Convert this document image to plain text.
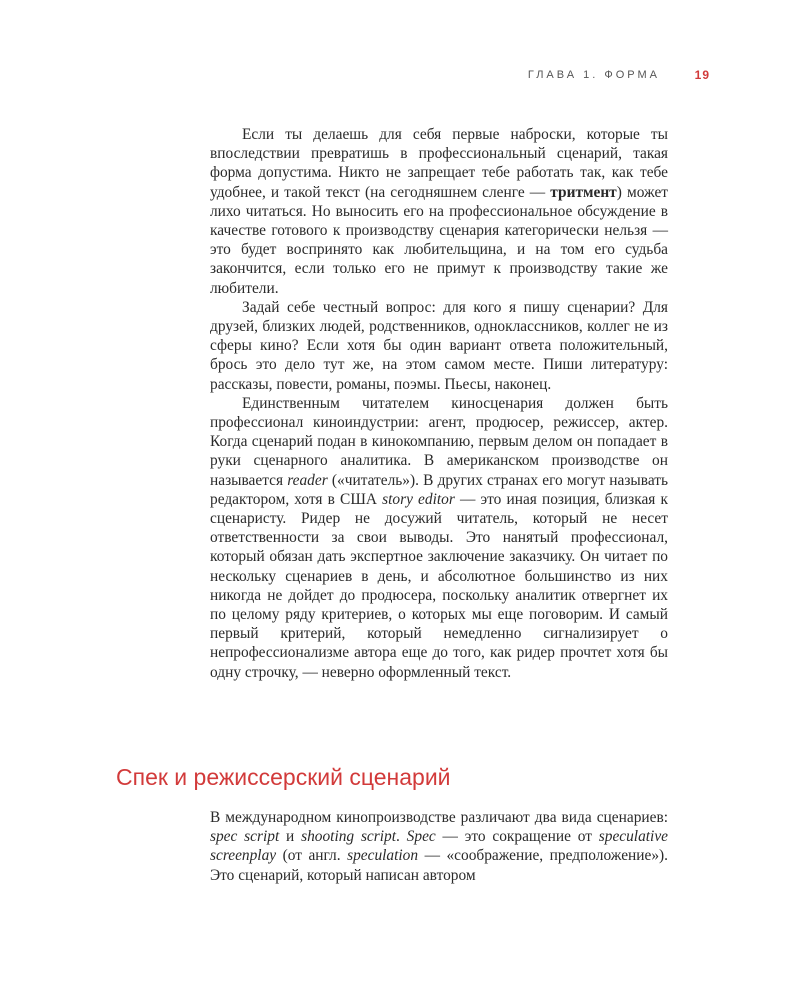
ГЛАВА 1. ФОРМА	19

Если ты делаешь для себя первые наброски, которые ты впоследствии превратишь в профессиональный сценарий, такая форма допустима. Никто не запрещает тебе работать так, как тебе удобнее, и такой текст (на сегодняшнем сленге — тритмент) может лихо читаться. Но выносить его на профессиональное обсуждение в качестве готового к производству сценария категорически нельзя — это будет воспринято как любительщина, и на том его судьба закончится, если только его не примут к производству такие же любители.

Задай себе честный вопрос: для кого я пишу сценарии? Для друзей, близких людей, родственников, одноклассников, коллег не из сферы кино? Если хотя бы один вариант ответа положительный, брось это дело тут же, на этом самом месте. Пиши литературу: рассказы, повести, романы, поэмы. Пьесы, наконец.

Единственным читателем киносценария должен быть профессионал киноиндустрии: агент, продюсер, режиссер, актер. Когда сценарий подан в кинокомпанию, первым делом он попадает в руки сценарного аналитика. В американском производстве он называется reader («читатель»). В других странах его могут называть редактором, хотя в США story editor — это иная позиция, близкая к сценаристу. Ридер не досужий читатель, который не несет ответственности за свои выводы. Это нанятый профессионал, который обязан дать экспертное заключение заказчику. Он читает по нескольку сценариев в день, и абсолютное большинство из них никогда не дойдет до продюсера, поскольку аналитик отвергнет их по целому ряду критериев, о которых мы еще поговорим. И самый первый критерий, который немедленно сигнализирует о непрофессионализме автора еще до того, как ридер прочтет хотя бы одну строчку, — неверно оформленный текст.

Спек и режиссерский сценарий

В международном кинопроизводстве различают два вида сценариев: spec script и shooting script. Spec — это сокращение от speculative screenplay (от англ. speculation — «соображение, предположение»). Это сценарий, который написан автором
